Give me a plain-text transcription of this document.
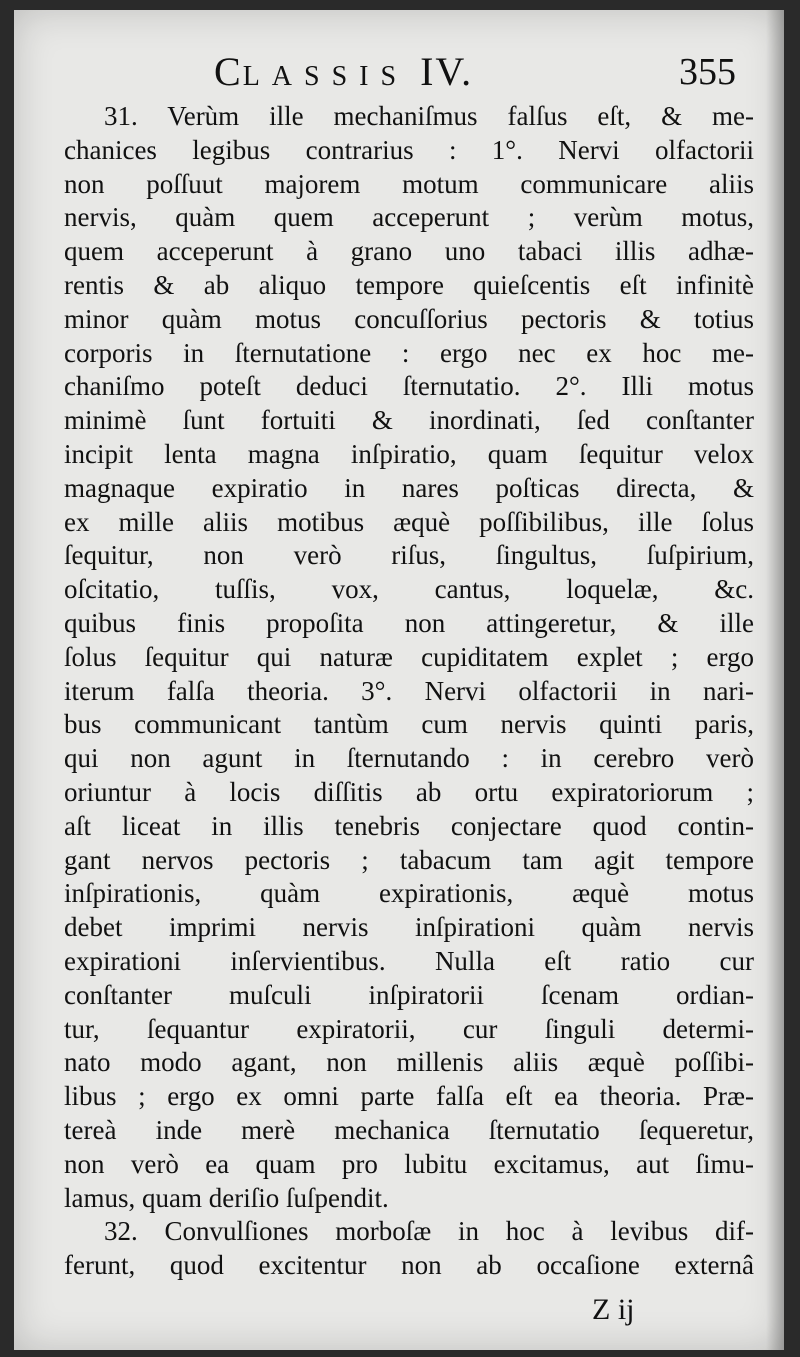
CLASSIS IV.	355
31. Verùm ille mechaniſmus falſus eſt, & me-
chanices legibus contrarius : 1°. Nervi olfactorii
non poſſuut majorem motum communicare aliis
nervis, quàm quem acceperunt ; verùm motus,
quem acceperunt à grano uno tabaci illis adhæ-
rentis & ab aliquo tempore quieſcentis eſt infinitè
minor quàm motus concuſſorius pectoris & totius
corporis in ſternutatione : ergo nec ex hoc me-
chaniſmo poteſt deduci ſternutatio. 2°. Illi motus
minimè ſunt fortuiti & inordinati, ſed conſtanter
incipit lenta magna inſpiratio, quam ſequitur velox
magnaque expiratio in nares poſticas directa, &
ex mille aliis motibus æquè poſſibilibus, ille ſolus
ſequitur, non verò riſus, ſingultus, ſuſpirium,
oſcitatio, tuſſis, vox, cantus, loquelæ, &c.
quibus finis propoſita non attingeretur, & ille
ſolus ſequitur qui naturæ cupiditatem explet ; ergo
iterum falſa theoria. 3°. Nervi olfactorii in nari-
bus communicant tantùm cum nervis quinti paris,
qui non agunt in ſternutando : in cerebro verò
oriuntur à locis diſſitis ab ortu expiratoriorum ;
aſt liceat in illis tenebris conjectare quod contin-
gant nervos pectoris ; tabacum tam agit tempore
inſpirationis, quàm expirationis, æquè motus
debet imprimi nervis inſpirationi quàm nervis
expirationi inſervientibus. Nulla eſt ratio cur
conſtanter muſculi inſpiratorii ſcenam ordian-
tur, ſequantur expiratorii, cur ſinguli determi-
nato modo agant, non millenis aliis æquè poſſibi-
libus ; ergo ex omni parte falſa eſt ea theoria. Præ-
tereà inde merè mechanica ſternutatio ſequeretur,
non verò ea quam pro lubitu excitamus, aut ſimu-
lamus, quam deriſio ſuſpendit.
32. Convulſiones morboſæ in hoc à levibus dif-
ferunt, quod excitentur non ab occaſione externâ
Z ij
